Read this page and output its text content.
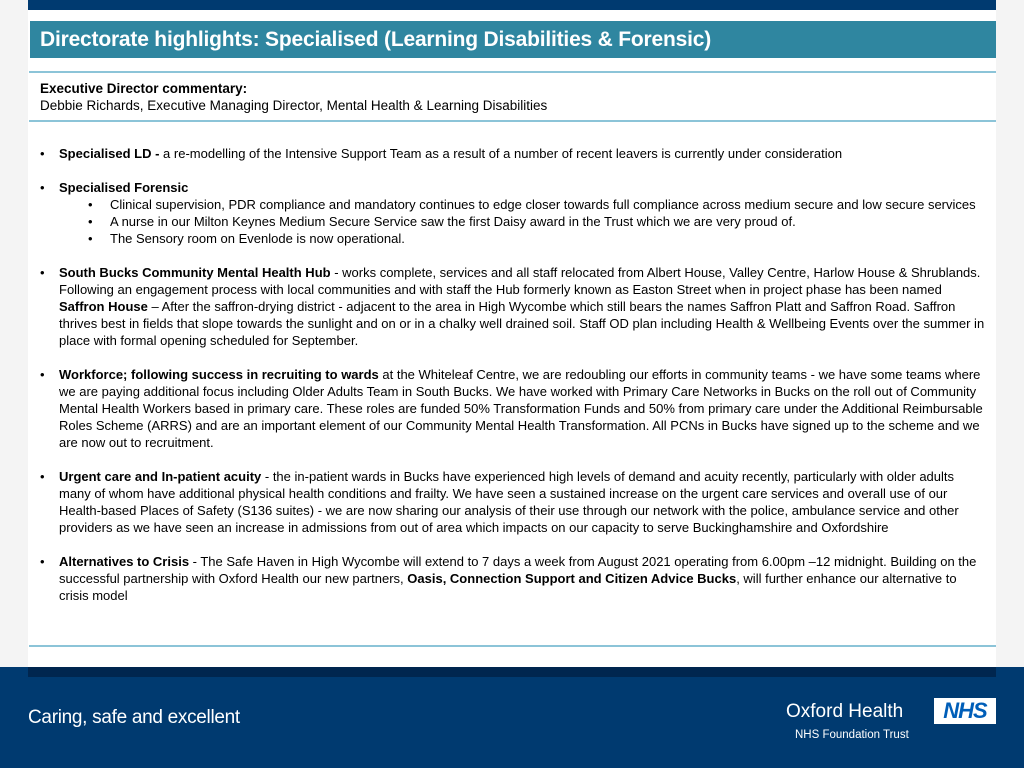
Directorate highlights: Specialised (Learning Disabilities & Forensic)
Executive Director commentary:
Debbie Richards, Executive Managing Director, Mental Health & Learning Disabilities
•	Specialised LD - a re-modelling of the Intensive Support Team as a result of a number of recent leavers is currently under consideration
•	Specialised Forensic
•	Clinical supervision, PDR compliance and mandatory continues to edge closer towards full compliance across medium secure and low secure services
•	A nurse in our Milton Keynes Medium Secure Service saw the first Daisy award in the Trust which we are very proud of.
•	The Sensory room on Evenlode is now operational.
•	South Bucks Community Mental Health Hub - works complete, services and all staff relocated from Albert House, Valley Centre, Harlow House & Shrublands. Following an engagement process with local communities and with staff the Hub formerly known as Easton Street when in project phase has been named Saffron House – After the saffron-drying district - adjacent to the area in High Wycombe which still bears the names Saffron Platt and Saffron Road. Saffron thrives best in fields that slope towards the sunlight and on or in a chalky well drained soil. Staff OD plan including Health & Wellbeing Events over the summer in place with formal opening scheduled for September.
•	Workforce; following success in recruiting to wards at the Whiteleaf Centre, we are redoubling our efforts in community teams - we have some teams where we are paying additional focus including Older Adults Team in South Bucks. We have worked with Primary Care Networks in Bucks on the roll out of Community Mental Health Workers based in primary care. These roles are funded 50% Transformation Funds and 50% from primary care under the Additional Reimbursable Roles Scheme (ARRS) and are an important element of our Community Mental Health Transformation. All PCNs in Bucks have signed up to the scheme and we are now out to recruitment.
•	Urgent care and In-patient acuity - the in-patient wards in Bucks have experienced high levels of demand and acuity recently, particularly with older adults many of whom have additional physical health conditions and frailty. We have seen a sustained increase on the urgent care services and overall use of our Health-based Places of Safety (S136 suites) - we are now sharing our analysis of their use through our network with the police, ambulance service and other providers as we have seen an increase in admissions from out of area which impacts on our capacity to serve Buckinghamshire and Oxfordshire
•	Alternatives to Crisis - The Safe Haven in High Wycombe will extend to 7 days a week from August 2021 operating from 6.00pm –12 midnight. Building on the successful partnership with Oxford Health our new partners, Oasis, Connection Support and Citizen Advice Bucks, will further enhance our alternative to crisis model
Caring, safe and excellent	Oxford Health
NHS Foundation Trust
NHS
